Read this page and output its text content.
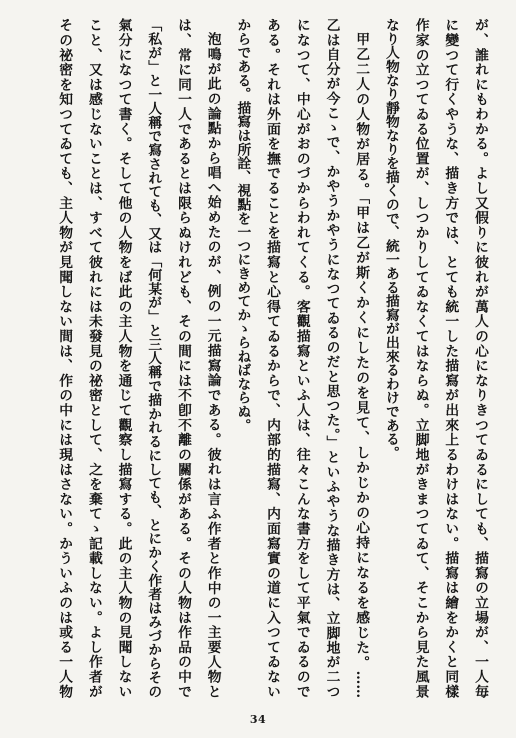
が、誰れにもわかる。よし又假りに彼れが萬人の心になりきつてゐるにしても、描寫の立場が、一人毎
に變つて行くやうな、描き方では、とても統一した描寫が出來上るわけはない。描寫は繪をかくと同樣
作家の立つてゐる位置が、しつかりしてゐなくてはならぬ。立脚地がきまつてゐて、そこから見た風景
なり人物なり靜物なりを描くので、統一ある描寫が出來るわけである。
甲乙二人の人物が居る。「甲は乙が斯くかくにしたのを見て、しかじかの心持になるを感じた。……
乙は自分が今こゝで、かやうかやうになつてゐるのだと思つた。」といふやうな描き方は、立脚地が二つ
になつて、中心がおのづからわれてくる。客觀描寫といふ人は、往々こんな書方をして平氣でゐるので
ある。それは外面を撫でることを描寫と心得てゐるからで、内部的描寫、内面寫實の道に入つてゐない
からである。描寫は所詮、視點を一つにきめてかゝらねばならぬ。
泡鳴が此の論點から唱へ始めたのが、例の一元描寫論である。彼れは言ふ作者と作中の一主要人物と
は、常に同一人であるとは限らぬけれども、その間には不卽不離の關係がある。その人物は作品の中で
「私が」と一人稱で寫されても、又は「何某が」と三人稱で描かれるにしても、とにかく作者はみづからその
氣分になつて書く。そして他の人物をば此の主人物を通じて觀察し描寫する。此の主人物の見聞しない
こと、又は感じないことは、すべて彼れには未發見の祕密として、之を棄てゝ記載しない。よし作者が
その祕密を知つてゐても、主人物が見聞しない間は、作の中には現はさない。かういふのは或る一人物
34
